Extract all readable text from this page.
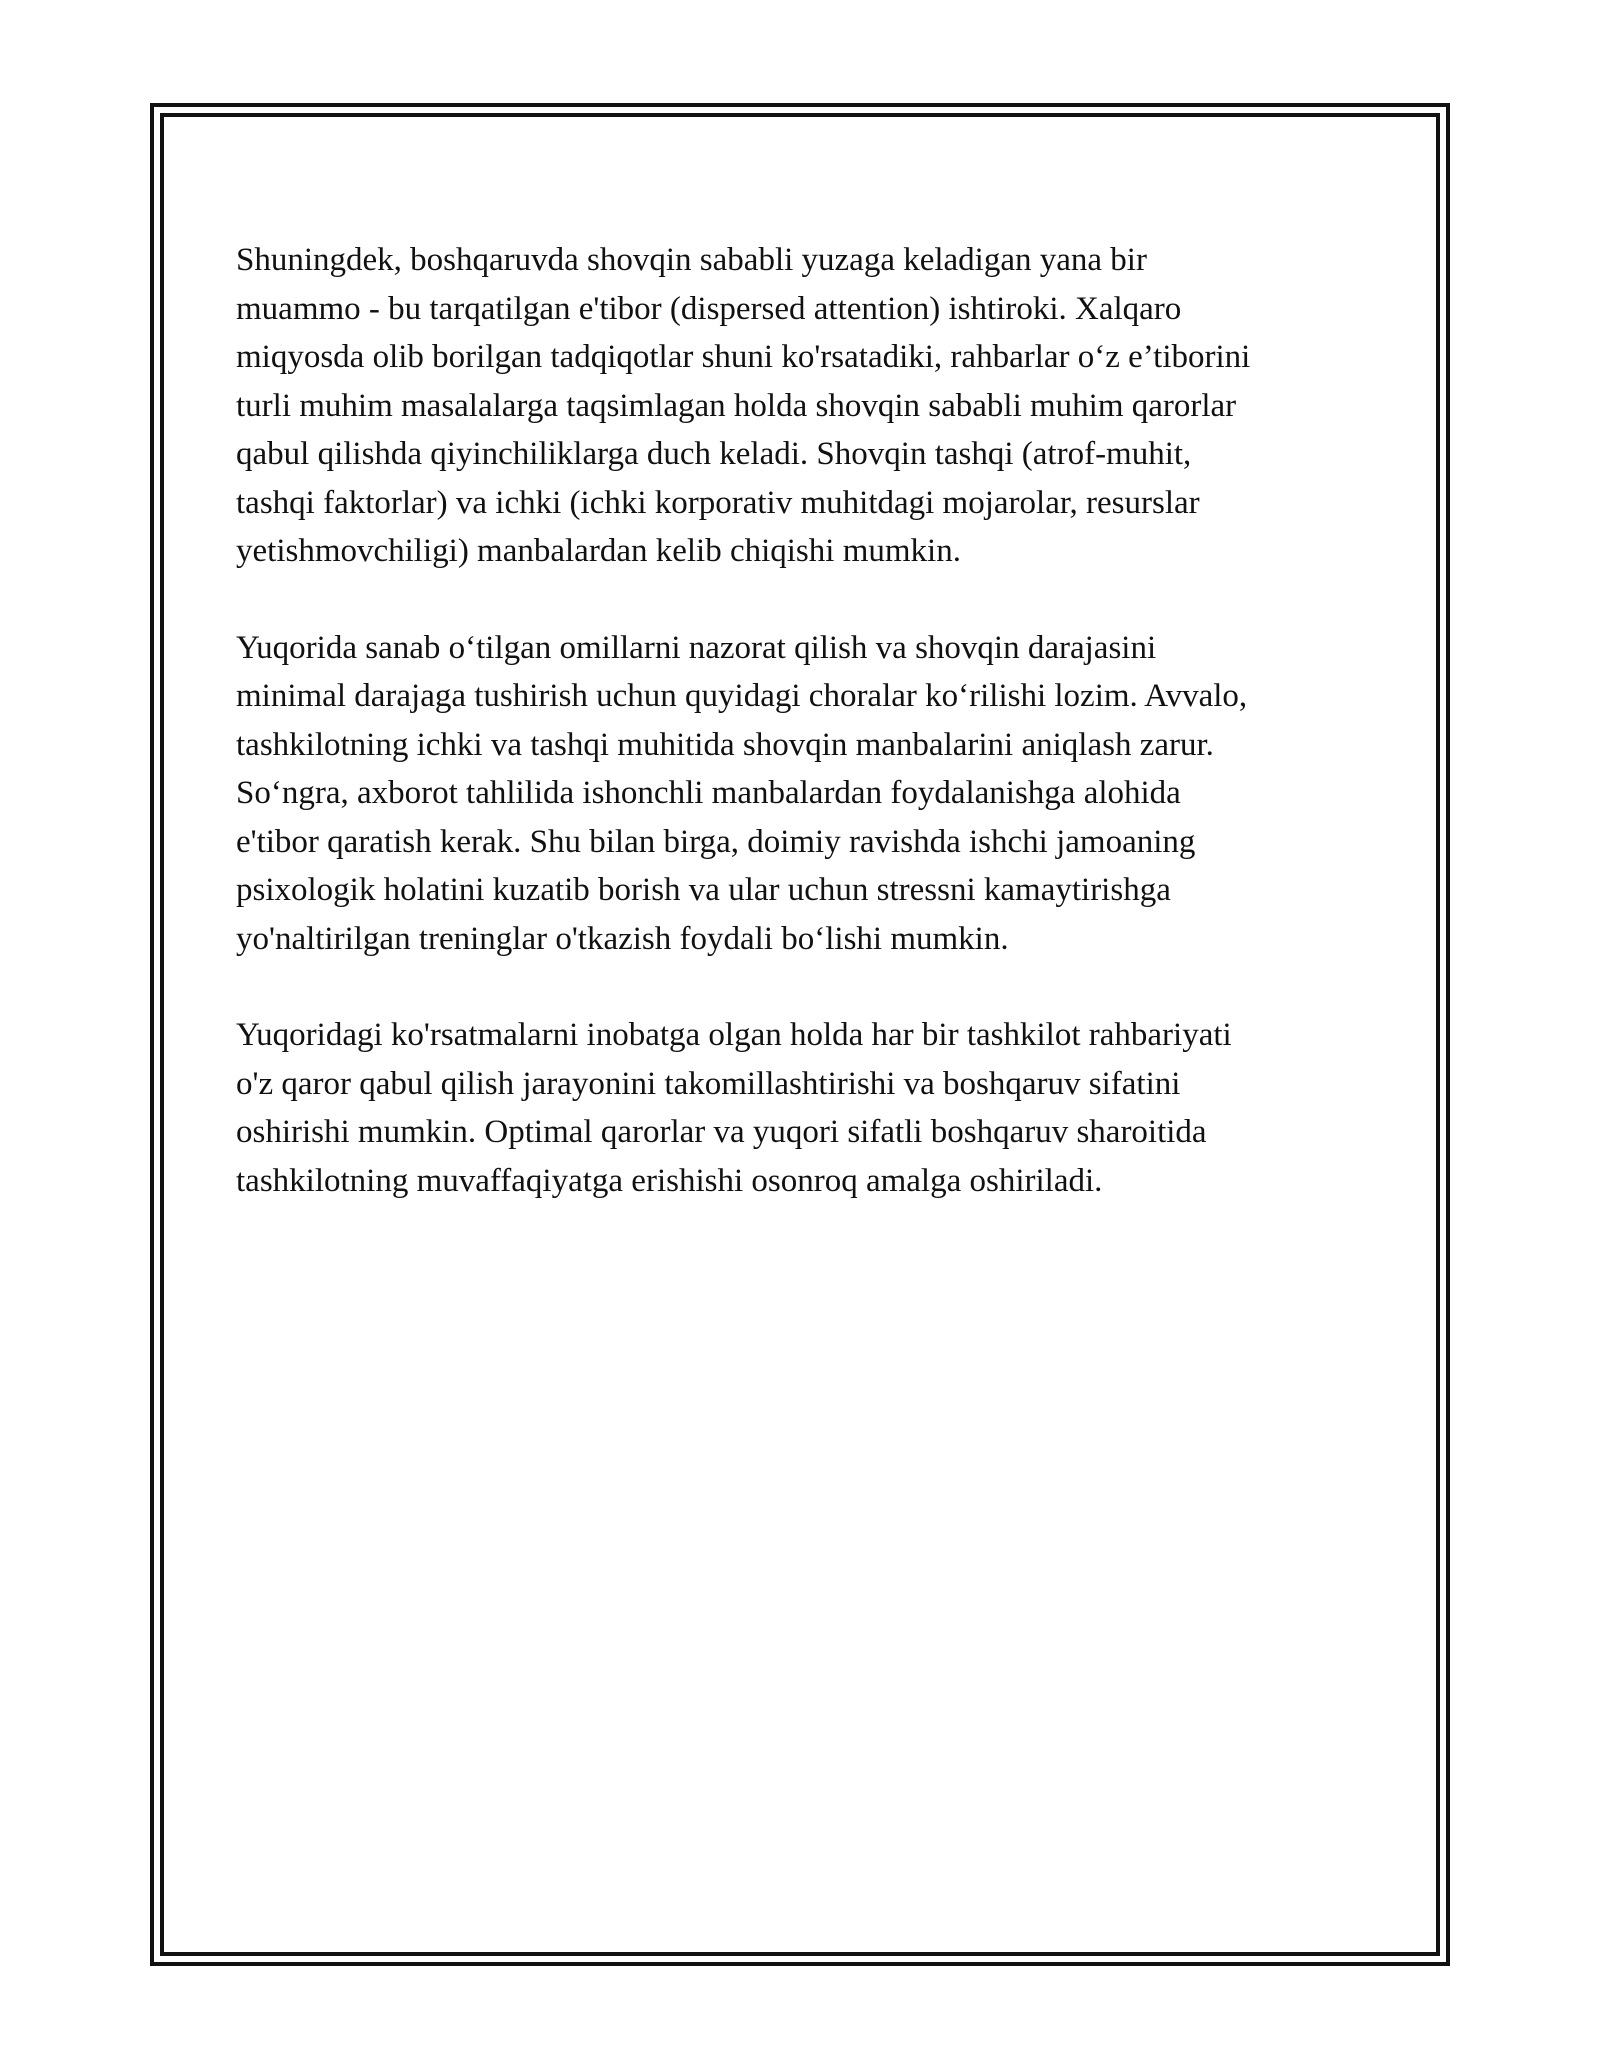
Shuningdek, boshqaruvda shovqin sababli yuzaga keladigan yana bir
muammo - bu tarqatilgan e'tibor (dispersed attention) ishtiroki. Xalqaro
miqyosda olib borilgan tadqiqotlar shuni ko'rsatadiki, rahbarlar o‘z e’tiborini
turli muhim masalalarga taqsimlagan holda shovqin sababli muhim qarorlar
qabul qilishda qiyinchiliklarga duch keladi. Shovqin tashqi (atrof-muhit,
tashqi faktorlar) va ichki (ichki korporativ muhitdagi mojarolar, resurslar
yetishmovchiligi) manbalardan kelib chiqishi mumkin.

Yuqorida sanab o‘tilgan omillarni nazorat qilish va shovqin darajasini
minimal darajaga tushirish uchun quyidagi choralar ko‘rilishi lozim. Avvalo,
tashkilotning ichki va tashqi muhitida shovqin manbalarini aniqlash zarur.
So‘ngra, axborot tahlilida ishonchli manbalardan foydalanishga alohida
e'tibor qaratish kerak. Shu bilan birga, doimiy ravishda ishchi jamoaning
psixologik holatini kuzatib borish va ular uchun stressni kamaytirishga
yo'naltirilgan treninglar o'tkazish foydali bo‘lishi mumkin.

Yuqoridagi ko'rsatmalarni inobatga olgan holda har bir tashkilot rahbariyati
o'z qaror qabul qilish jarayonini takomillashtirishi va boshqaruv sifatini
oshirishi mumkin. Optimal qarorlar va yuqori sifatli boshqaruv sharoitida
tashkilotning muvaffaqiyatga erishishi osonroq amalga oshiriladi.
